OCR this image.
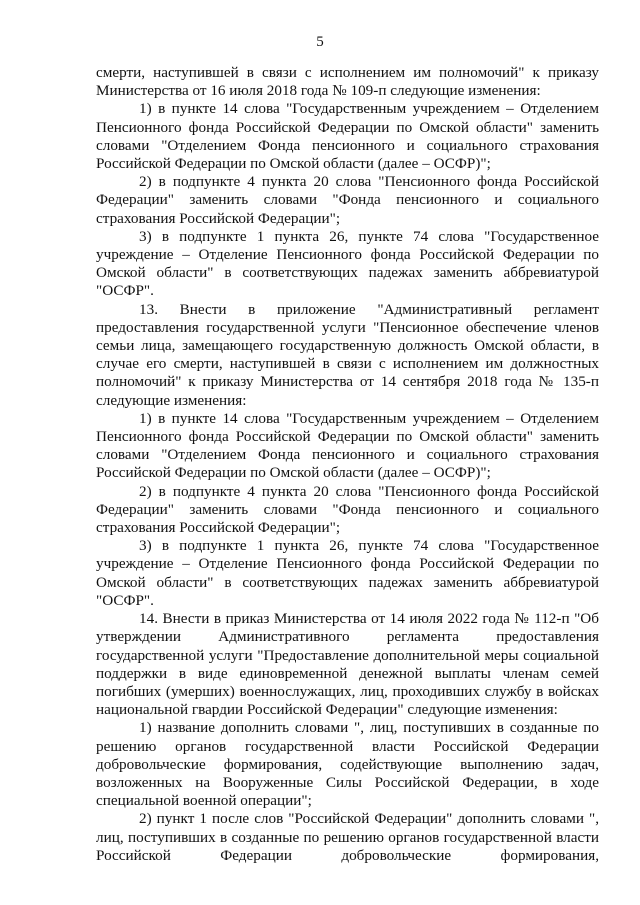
5

смерти, наступившей в связи с исполнением им полномочий" к приказу Министерства от 16 июля 2018 года № 109-п следующие изменения:

1) в пункте 14 слова "Государственным учреждением – Отделением Пенсионного фонда Российской Федерации по Омской области" заменить словами "Отделением Фонда пенсионного и социального страхования Российской Федерации по Омской области (далее – ОСФР)";

2) в подпункте 4 пункта 20 слова "Пенсионного фонда Российской Федерации" заменить словами "Фонда пенсионного и социального страхования Российской Федерации";

3) в подпункте 1 пункта 26, пункте 74 слова "Государственное учреждение – Отделение Пенсионного фонда Российской Федерации по Омской области" в соответствующих падежах заменить аббревиатурой "ОСФР".

13. Внести в приложение "Административный регламент предоставления государственной услуги "Пенсионное обеспечение членов семьи лица, замещающего государственную должность Омской области, в случае его смерти, наступившей в связи с исполнением им должностных полномочий" к приказу Министерства от 14 сентября 2018 года № 135-п следующие изменения:

1) в пункте 14 слова "Государственным учреждением – Отделением Пенсионного фонда Российской Федерации по Омской области" заменить словами "Отделением Фонда пенсионного и социального страхования Российской Федерации по Омской области (далее – ОСФР)";

2) в подпункте 4 пункта 20 слова "Пенсионного фонда Российской Федерации" заменить словами "Фонда пенсионного и социального страхования Российской Федерации";

3) в подпункте 1 пункта 26, пункте 74 слова "Государственное учреждение – Отделение Пенсионного фонда Российской Федерации по Омской области" в соответствующих падежах заменить аббревиатурой "ОСФР".

14. Внести в приказ Министерства от 14 июля 2022 года № 112-п "Об утверждении Административного регламента предоставления государственной услуги "Предоставление дополнительной меры социальной поддержки в виде единовременной денежной выплаты членам семей погибших (умерших) военнослужащих, лиц, проходивших службу в войсках национальной гвардии Российской Федерации" следующие изменения:

1) название дополнить словами ", лиц, поступивших в созданные по решению органов государственной власти Российской Федерации добровольческие формирования, содействующие выполнению задач, возложенных на Вооруженные Силы Российской Федерации, в ходе специальной военной операции";

2) пункт 1 после слов "Российской Федерации" дополнить словами ", лиц, поступивших в созданные по решению органов государственной власти Российской Федерации добровольческие формирования,
